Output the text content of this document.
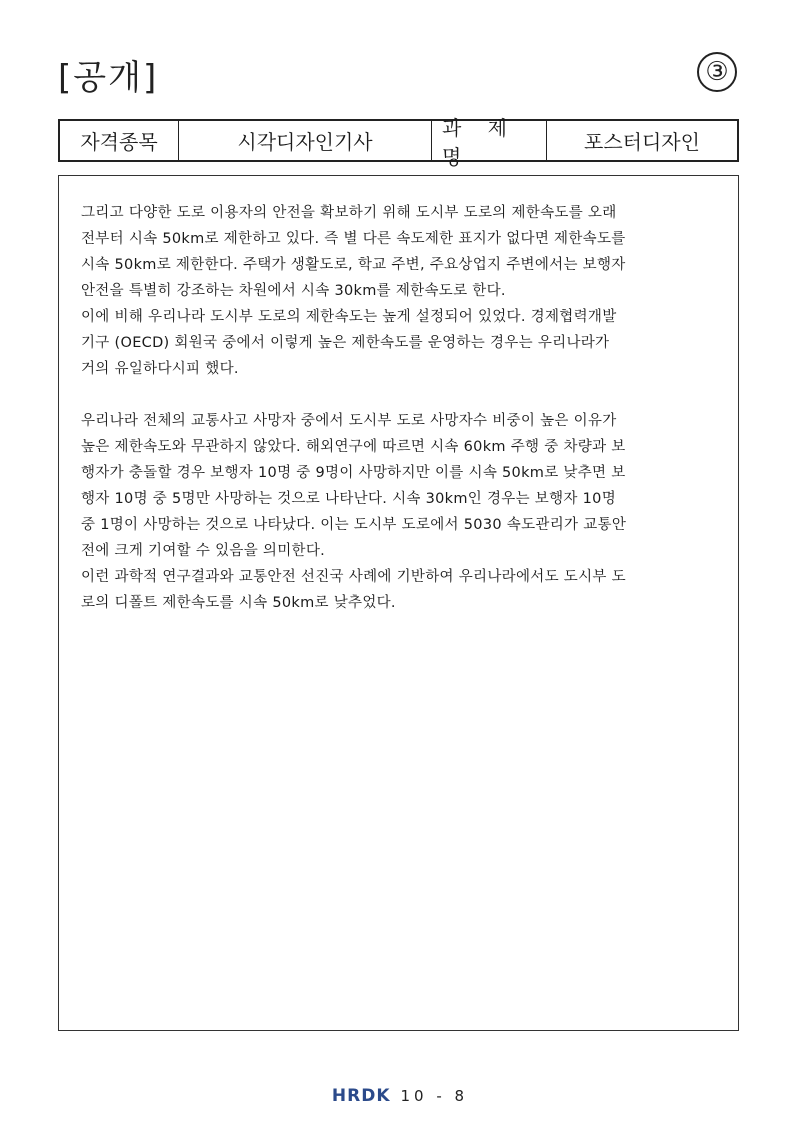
[공개]	③
자격종목	시각디자인기사
과 제 명
포스터디자인

그리고 다양한 도로 이용자의 안전을 확보하기 위해 도시부 도로의 제한속도를 오래
전부터 시속 50km로 제한하고 있다. 즉 별 다른 속도제한 표지가 없다면 제한속도를
시속 50km로 제한한다. 주택가 생활도로, 학교 주변, 주요상업지 주변에서는 보행자
안전을 특별히 강조하는 차원에서 시속 30km를 제한속도로 한다.
이에 비해 우리나라 도시부 도로의 제한속도는 높게 설정되어 있었다. 경제협력개발
기구 (OECD) 회원국 중에서 이렇게 높은 제한속도를 운영하는 경우는 우리나라가
거의 유일하다시피 했다.

우리나라 전체의 교통사고 사망자 중에서 도시부 도로 사망자수 비중이 높은 이유가
높은 제한속도와 무관하지 않았다. 해외연구에 따르면 시속 60km 주행 중 차량과 보
행자가 충돌할 경우 보행자 10명 중 9명이 사망하지만 이를 시속 50km로 낮추면 보
행자 10명 중 5명만 사망하는 것으로 나타난다. 시속 30km인 경우는 보행자 10명
중 1명이 사망하는 것으로 나타났다. 이는 도시부 도로에서 5030 속도관리가 교통안
전에 크게 기여할 수 있음을 의미한다.
이런 과학적 연구결과와 교통안전 선진국 사례에 기반하여 우리나라에서도 도시부 도
로의 디폴트 제한속도를 시속 50km로 낮추었다.

HRDK 10 - 8
